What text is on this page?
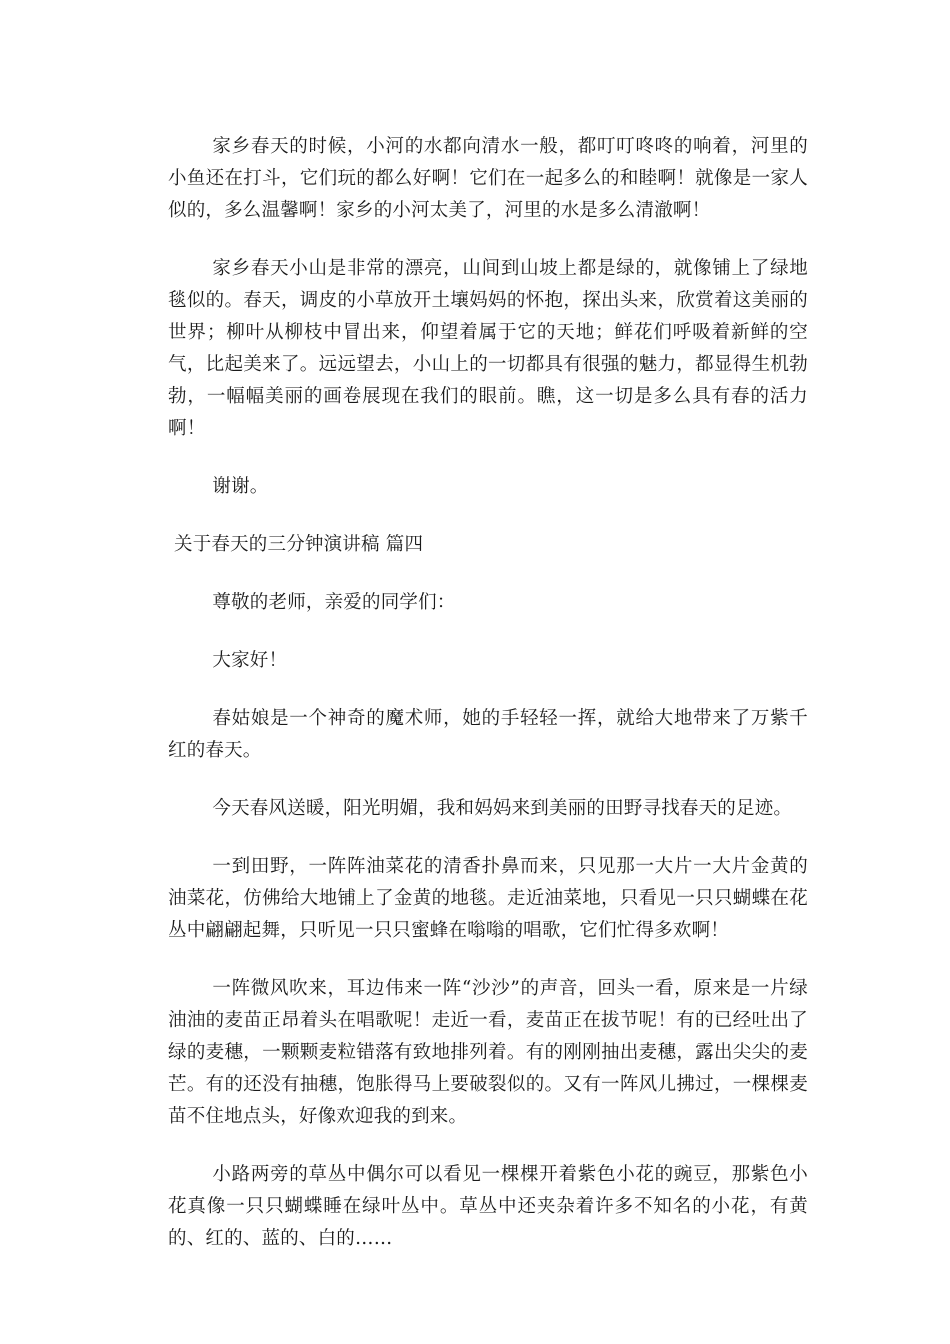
家乡春天的时候，小河的水都向清水一般，都叮叮咚咚的响着，河里的小鱼还在打斗，它们玩的都么好啊！它们在一起多么的和睦啊！就像是一家人似的，多么温馨啊！家乡的小河太美了，河里的水是多么清澈啊！

家乡春天小山是非常的漂亮，山间到山坡上都是绿的，就像铺上了绿地毯似的。春天，调皮的小草放开土壤妈妈的怀抱，探出头来，欣赏着这美丽的世界；柳叶从柳枝中冒出来，仰望着属于它的天地；鲜花们呼吸着新鲜的空气，比起美来了。远远望去，小山上的一切都具有很强的魅力，都显得生机勃勃，一幅幅美丽的画卷展现在我们的眼前。瞧，这一切是多么具有春的活力啊！

谢谢。

关于春天的三分钟演讲稿 篇四

尊敬的老师，亲爱的同学们：

大家好！

春姑娘是一个神奇的魔术师，她的手轻轻一挥，就给大地带来了万紫千红的春天。

今天春风送暖，阳光明媚，我和妈妈来到美丽的田野寻找春天的足迹。

一到田野，一阵阵油菜花的清香扑鼻而来，只见那一大片一大片金黄的油菜花，仿佛给大地铺上了金黄的地毯。走近油菜地，只看见一只只蝴蝶在花丛中翩翩起舞，只听见一只只蜜蜂在嗡嗡的唱歌，它们忙得多欢啊！

一阵微风吹来，耳边伟来一阵“沙沙”的声音，回头一看，原来是一片绿油油的麦苗正昂着头在唱歌呢！走近一看，麦苗正在拔节呢！有的已经吐出了绿的麦穗，一颗颗麦粒错落有致地排列着。有的刚刚抽出麦穗，露出尖尖的麦芒。有的还没有抽穗，饱胀得马上要破裂似的。又有一阵风儿拂过，一棵棵麦苗不住地点头，好像欢迎我的到来。

小路两旁的草丛中偶尔可以看见一棵棵开着紫色小花的豌豆，那紫色小花真像一只只蝴蝶睡在绿叶丛中。草丛中还夹杂着许多不知名的小花，有黄的、红的、蓝的、白的……
